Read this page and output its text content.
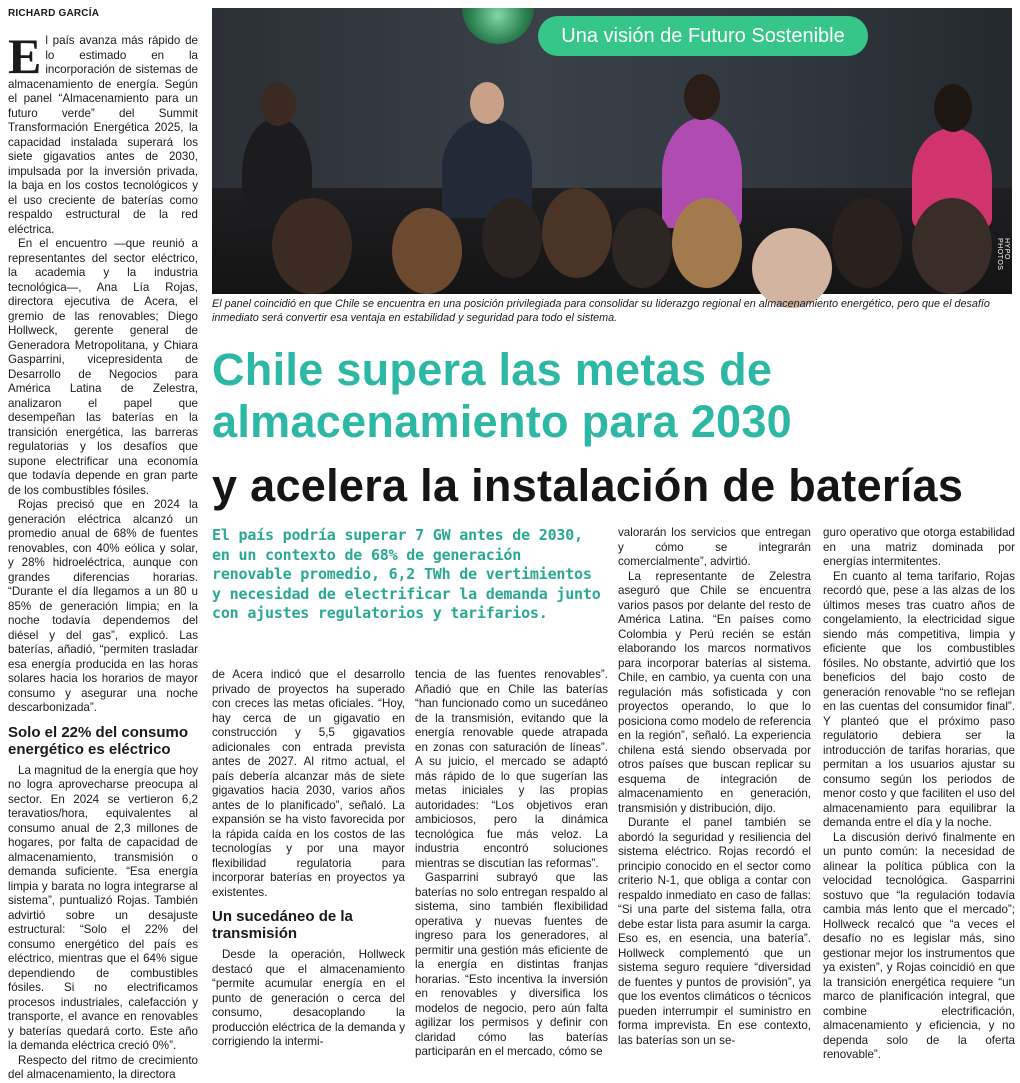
RICHARD GARCÍA

El país avanza más rápido de lo estimado en la incorporación de sistemas de almacenamiento de energía. Según el panel “Almacenamiento para un futuro verde” del Summit Transformación Energética 2025, la capacidad instalada superará los siete gigavatios antes de 2030, impulsada por la inversión privada, la baja en los costos tecnológicos y el uso creciente de baterías como respaldo estructural de la red eléctrica.

En el encuentro —que reunió a representantes del sector eléctrico, la academia y la industria tecnológica—, Ana Lía Rojas, directora ejecutiva de Acera, el gremio de las renovables; Diego Hollweck, gerente general de Generadora Metropolitana, y Chiara Gasparrini, vicepresidenta de Desarrollo de Negocios para América Latina de Zelestra, analizaron el papel que desempeñan las baterías en la transición energética, las barreras regulatorias y los desafíos que supone electrificar una economía que todavía depende en gran parte de los combustibles fósiles.

Rojas precisó que en 2024 la generación eléctrica alcanzó un promedio anual de 68% de fuentes renovables, con 40% eólica y solar, y 28% hidroeléctrica, aunque con grandes diferencias horarias. “Durante el día llegamos a un 80 u 85% de generación limpia; en la noche todavía dependemos del diésel y del gas”, explicó. Las baterías, añadió, “permiten trasladar esa energía producida en las horas solares hacia los horarios de mayor consumo y asegurar una noche descarbonizada”.

Solo el 22% del consumo energético es eléctrico

La magnitud de la energía que hoy no logra aprovecharse preocupa al sector. En 2024 se vertieron 6,2 teravatios/hora, equivalentes al consumo anual de 2,3 millones de hogares, por falta de capacidad de almacenamiento, transmisión o demanda suficiente. “Esa energía limpia y barata no logra integrarse al sistema”, puntualizó Rojas. También advirtió sobre un desajuste estructural: “Solo el 22% del consumo energético del país es eléctrico, mientras que el 64% sigue dependiendo de combustibles fósiles. Si no electrificamos procesos industriales, calefacción y transporte, el avance en renovables y baterías quedará corto. Este año la demanda eléctrica creció 0%”.

Respecto del ritmo de crecimiento del almacenamiento, la directora

Una visión de Futuro Sostenible
HYPO PHOTOS
El panel coincidió en que Chile se encuentra en una posición privilegiada para consolidar su liderazgo regional en almacenamiento energético, pero que el desafío inmediato será convertir esa ventaja en estabilidad y seguridad para todo el sistema.
Chile supera las metas de almacenamiento para 2030
y acelera la instalación de baterías
El país podría superar 7 GW antes de 2030, en un contexto de 68% de generación renovable promedio, 6,2 TWh de vertimientos y necesidad de electrificar la demanda junto con ajustes regulatorios y tarifarios.

de Acera indicó que el desarrollo privado de proyectos ha superado con creces las metas oficiales. “Hoy, hay cerca de un gigavatio en construcción y 5,5 gigavatios adicionales con entrada prevista antes de 2027. Al ritmo actual, el país debería alcanzar más de siete gigavatios hacia 2030, varios años antes de lo planificado”, señaló. La expansión se ha visto favorecida por la rápida caída en los costos de las tecnologías y por una mayor flexibilidad regulatoria para incorporar baterías en proyectos ya existentes.

Un sucedáneo de la transmisión

Desde la operación, Hollweck destacó que el almacenamiento “permite acumular energía en el punto de generación o cerca del consumo, desacoplando la producción eléctrica de la demanda y corrigiendo la intermi-

tencia de las fuentes renovables”. Añadió que en Chile las baterías “han funcionado como un sucedáneo de la transmisión, evitando que la energía renovable quede atrapada en zonas con saturación de líneas”. A su juicio, el mercado se adaptó más rápido de lo que sugerían las metas iniciales y las propias autoridades: “Los objetivos eran ambiciosos, pero la dinámica tecnológica fue más veloz. La industria encontró soluciones mientras se discutían las reformas”.

Gasparrini subrayó que las baterías no solo entregan respaldo al sistema, sino también flexibilidad operativa y nuevas fuentes de ingreso para los generadores, al permitir una gestión más eficiente de la energía en distintas franjas horarias. “Esto incentiva la inversión en renovables y diversifica los modelos de negocio, pero aún falta agilizar los permisos y definir con claridad cómo las baterías participarán en el mercado, cómo se

valorarán los servicios que entregan y cómo se integrarán comercialmente”, advirtió.

La representante de Zelestra aseguró que Chile se encuentra varios pasos por delante del resto de América Latina. “En países como Colombia y Perú recién se están elaborando los marcos normativos para incorporar baterías al sistema. Chile, en cambio, ya cuenta con una regulación más sofisticada y con proyectos operando, lo que lo posiciona como modelo de referencia en la región”, señaló. La experiencia chilena está siendo observada por otros países que buscan replicar su esquema de integración de almacenamiento en generación, transmisión y distribución, dijo.

Durante el panel también se abordó la seguridad y resiliencia del sistema eléctrico. Rojas recordó el principio conocido en el sector como criterio N-1, que obliga a contar con respaldo inmediato en caso de fallas: “Si una parte del sistema falla, otra debe estar lista para asumir la carga. Eso es, en esencia, una batería”. Hollweck complementó que un sistema seguro requiere “diversidad de fuentes y puntos de provisión”, ya que los eventos climáticos o técnicos pueden interrumpir el suministro en forma imprevista. En ese contexto, las baterías son un se-

guro operativo que otorga estabilidad en una matriz dominada por energías intermitentes.

En cuanto al tema tarifario, Rojas recordó que, pese a las alzas de los últimos meses tras cuatro años de congelamiento, la electricidad sigue siendo más competitiva, limpia y eficiente que los combustibles fósiles. No obstante, advirtió que los beneficios del bajo costo de generación renovable “no se reflejan en las cuentas del consumidor final”. Y planteó que el próximo paso regulatorio debiera ser la introducción de tarifas horarias, que permitan a los usuarios ajustar su consumo según los periodos de menor costo y que faciliten el uso del almacenamiento para equilibrar la demanda entre el día y la noche.

La discusión derivó finalmente en un punto común: la necesidad de alinear la política pública con la velocidad tecnológica. Gasparrini sostuvo que “la regulación todavía cambia más lento que el mercado”; Hollweck recalcó que “a veces el desafío no es legislar más, sino gestionar mejor los instrumentos que ya existen”, y Rojas coincidió en que la transición energética requiere “un marco de planificación integral, que combine electrificación, almacenamiento y eficiencia, y no dependa solo de la oferta renovable”.
